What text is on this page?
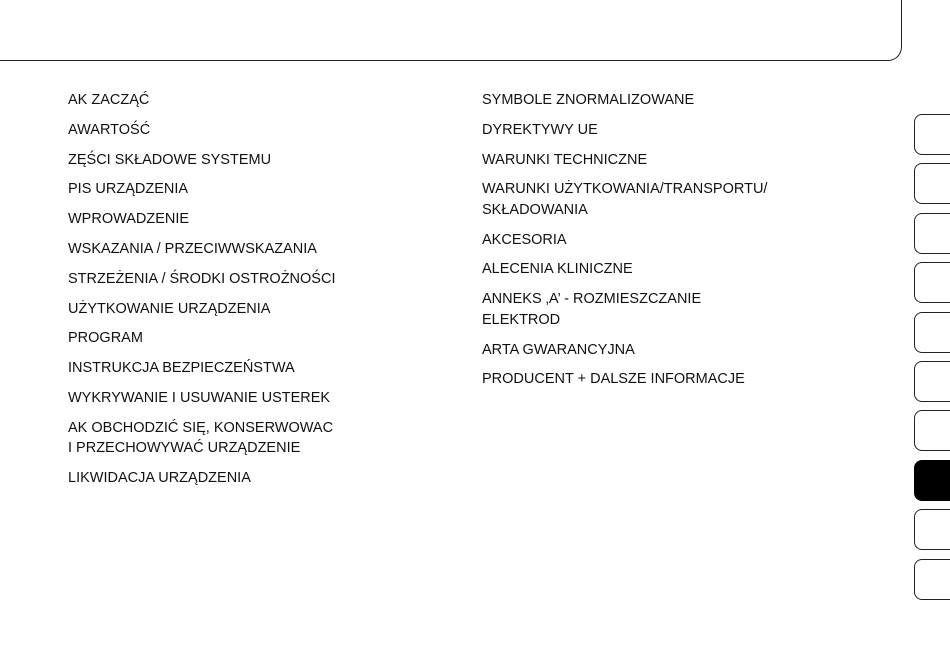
AK ZACZĄĆ
AWARTOŚĆ
ZĘŚCI SKŁADOWE SYSTEMU
PIS URZĄDZENIA
WPROWADZENIE
WSKAZANIA / PRZECIWWSKAZANIA
STRZEŻENIA / ŚRODKI OSTROŻNOŚCI
UŻYTKOWANIE URZĄDZENIA
PROGRAM
INSTRUKCJA BEZPIECZEŃSTWA
WYKRYWANIE I USUWANIE USTEREK
AK OBCHODZIĆ SIĘ, KONSERWOWAC
I PRZECHOWYWAĆ URZĄDZENIE
LIKWIDACJA URZĄDZENIA
SYMBOLE ZNORMALIZOWANE
DYREKTYWY UE
WARUNKI TECHNICZNE
WARUNKI UŻYTKOWANIA/TRANSPORTU/
SKŁADOWANIA
AKCESORIA
ALECENIA KLINICZNE
ANNEKS ‚A’ - ROZMIESZCZANIE
ELEKTROD
ARTA GWARANCYJNA
PRODUCENT + DALSZE INFORMACJE
